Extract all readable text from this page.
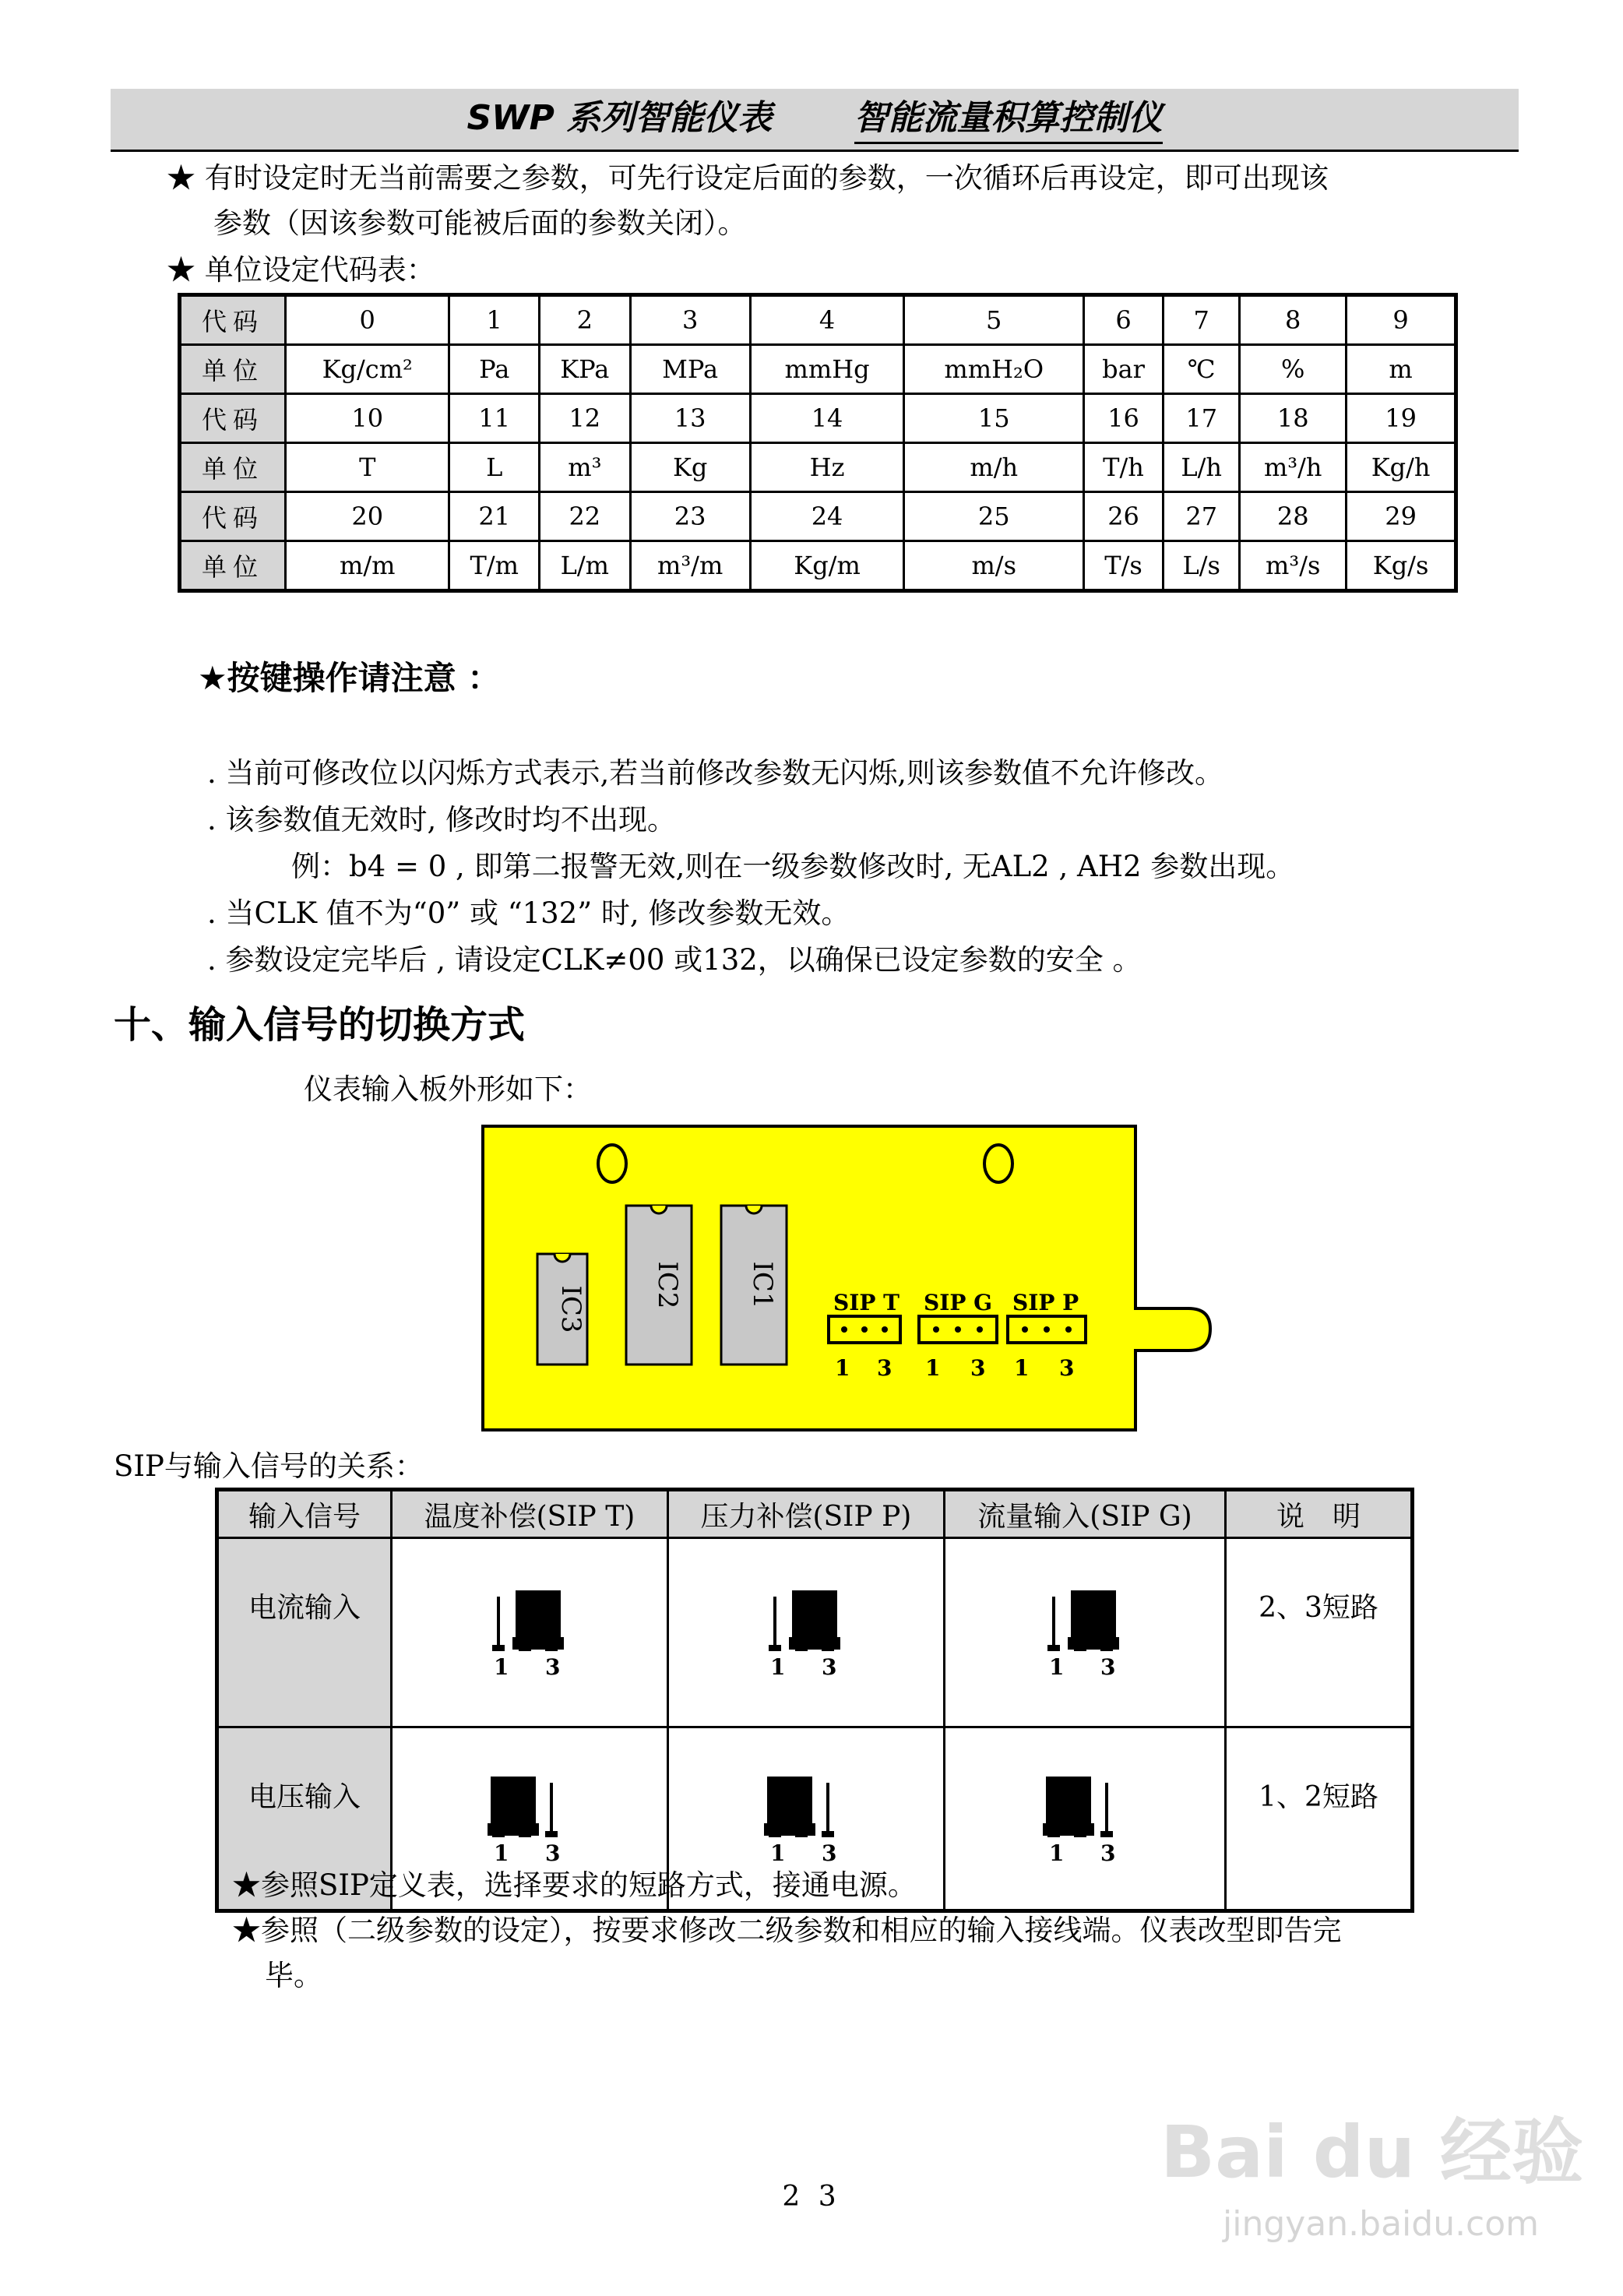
SWP 系列智能仪表 智能流量积算控制仪
★ 有时设定时无当前需要之参数，可先行设定后面的参数，一次循环后再设定，即可出现该
参数（因该参数可能被后面的参数关闭）。
★ 单位设定代码表：
代码	0	1	2	3	4	5	6	7	8	9
单位	Kg/cm²	Pa	KPa	MPa	mmHg	mmH₂O	bar	℃	%	m
代码	10	11	12	13	14	15	16	17	18	19
单位	T	L	m³	Kg	Hz	m/h	T/h	L/h	m³/h	Kg/h
代码	20	21	22	23	24	25	26	27	28	29
单位	m/m	T/m	L/m	m³/m	Kg/m	m/s	T/s	L/s	m³/s	Kg/s
★按键操作请注意 ：
. 当前可修改位以闪烁方式表示,若当前修改参数无闪烁,则该参数值不允许修改。
. 该参数值无效时, 修改时均不出现。
例：b4 = 0 , 即第二报警无效,则在一级参数修改时, 无AL2 , AH2 参数出现。
. 当CLK 值不为“0” 或 “132” 时, 修改参数无效。
. 参数设定完毕后 , 请设定CLK≠00 或132，以确保已设定参数的安全 。
十、输入信号的切换方式
仪表输入板外形如下：
IC3
IC2 IC1	SIP T
1 3
SIP G
1 3
SIP P
1 3
SIP与输入信号的关系：
输入信号	温度补偿(SIP T)	压力补偿(SIP P)	流量输入(SIP G)	说　明
电流输入	1 3	1 3	1 3	2、3短路
电压输入	1 3	1 3	1 3	1、2短路
★参照SIP定义表，选择要求的短路方式，接通电源。
★参照（二级参数的设定），按要求修改二级参数和相应的输入接线端。仪表改型即告完
毕。
2 3
Bai du 经验
jingyan.baidu.com
